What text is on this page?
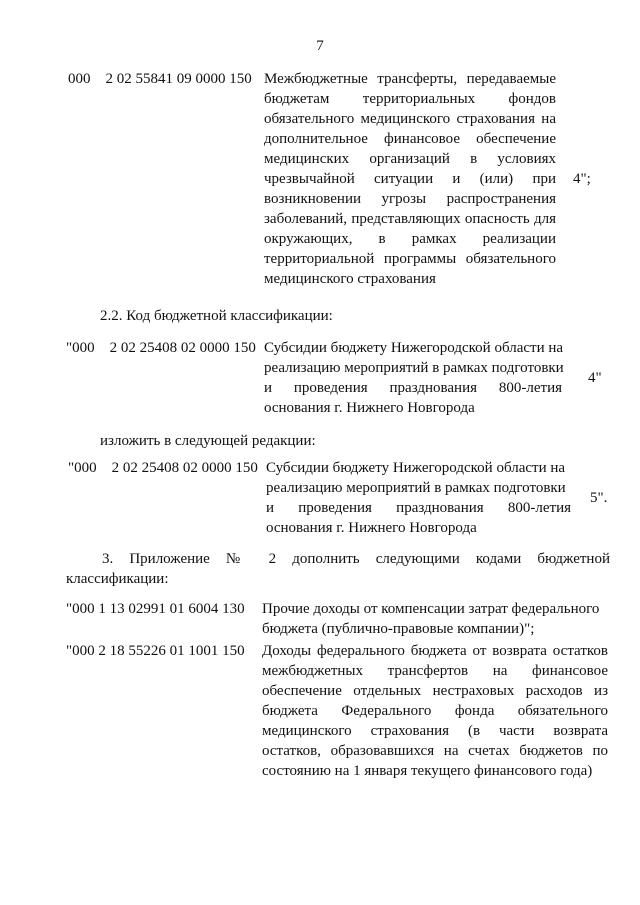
7
000    2 02 55841 09 0000 150 Межбюджетные трансферты, передаваемые
бюджетам территориальных фондов
обязательного медицинского страхования на
дополнительное финансовое обеспечение
медицинских организаций в условиях
чрезвычайной ситуации и (или) при
возникновении угрозы распространения
заболеваний, представляющих опасность для
окружающих, в рамках реализации
территориальной программы обязательного
медицинского страхования
4";
2.2. Код бюджетной классификации:
"000    2 02 25408 02 0000 150 Субсидии бюджету Нижегородской области на
реализацию мероприятий в рамках подготовки
и проведения празднования 800-летия
основания г. Нижнего Новгорода
4"
изложить в следующей редакции:
"000    2 02 25408 02 0000 150 Субсидии бюджету Нижегородской области на
реализацию мероприятий в рамках подготовки
и проведения празднования 800-летия
основания г. Нижнего Новгорода
5".
3. Приложение № 2 дополнить следующими кодами бюджетной
классификации:
"000 1 13 02991 01 6004 130 Прочие доходы от компенсации затрат федерального
бюджета (публично-правовые компании)";
"000 2 18 55226 01 1001 150 Доходы федерального бюджета от возврата остатков
межбюджетных трансфертов на финансовое
обеспечение отдельных нестраховых расходов из
бюджета Федерального фонда обязательного
медицинского страхования (в части возврата
остатков, образовавшихся на счетах бюджетов по
состоянию на 1 января текущего финансового года)
